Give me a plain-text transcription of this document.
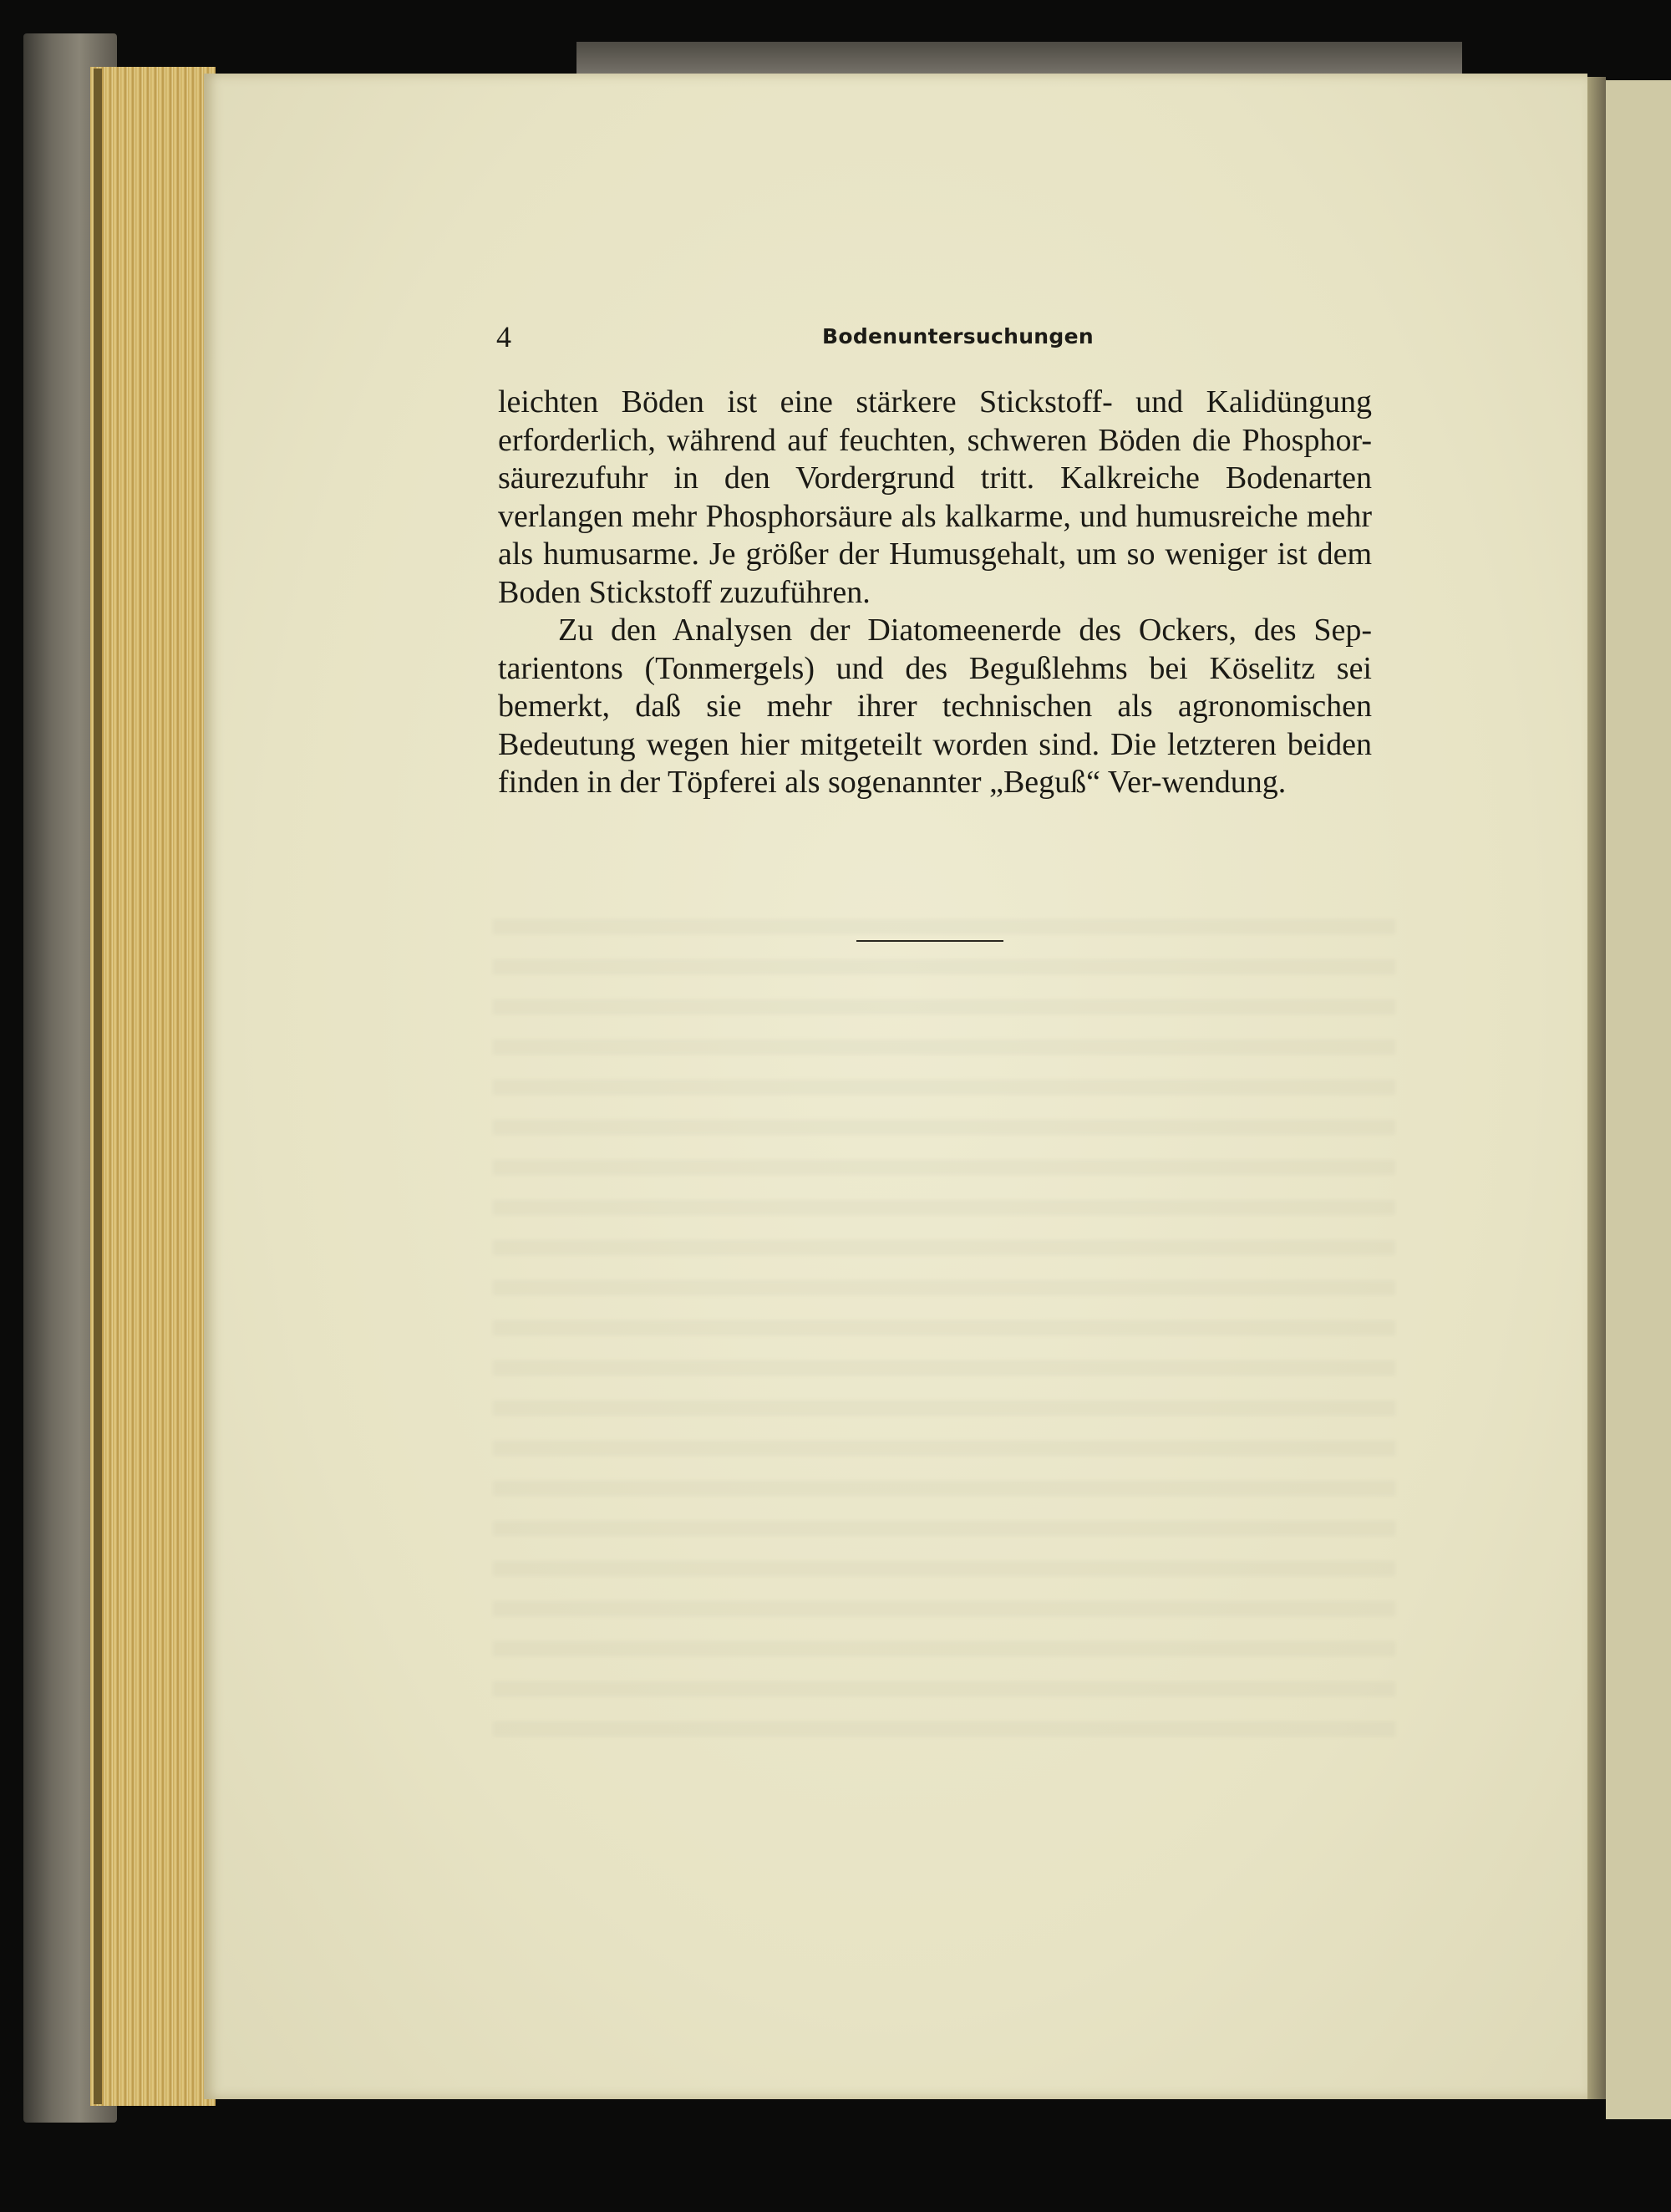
4	Bodenuntersuchungen

leichten Böden ist eine stärkere Stickstoff- und Kalidüngung erforderlich, während auf feuchten, schweren Böden die Phosphor-säurezufuhr in den Vordergrund tritt. Kalkreiche Bodenarten verlangen mehr Phosphorsäure als kalkarme, und humusreiche mehr als humusarme. Je größer der Humusgehalt, um so weniger ist dem Boden Stickstoff zuzuführen.

Zu den Analysen der Diatomeenerde des Ockers, des Sep-tarientons (Tonmergels) und des Begußlehms bei Köselitz sei bemerkt, daß sie mehr ihrer technischen als agronomischen Bedeutung wegen hier mitgeteilt worden sind. Die letzteren beiden finden in der Töpferei als sogenannter „Beguß“ Ver-wendung.
